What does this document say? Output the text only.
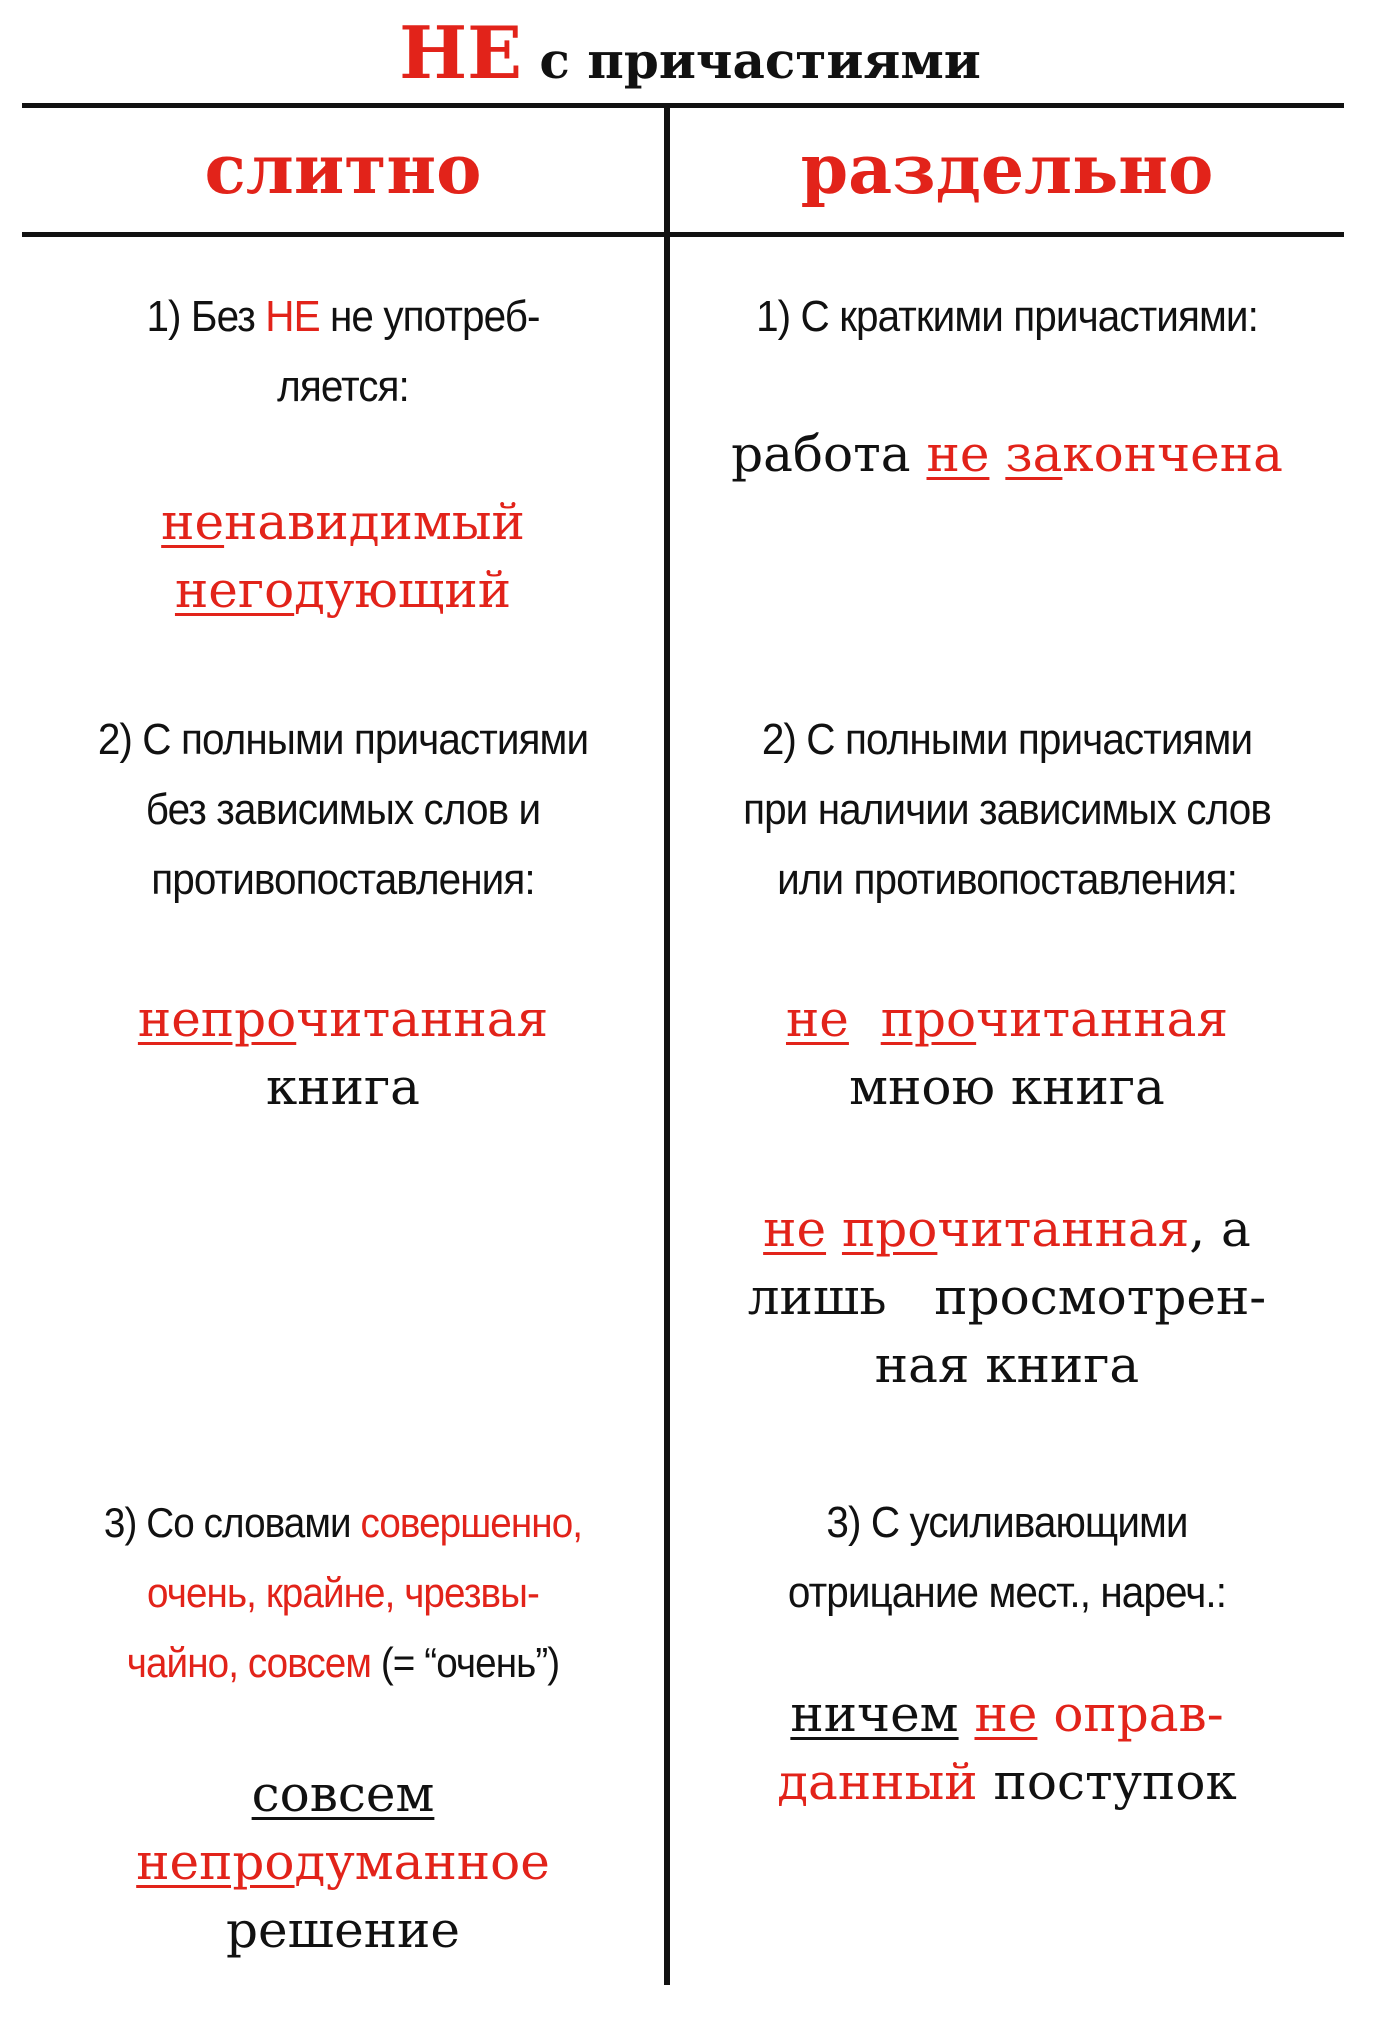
НЕ с причастиями
слитно	раздельно
1) Без НЕ не употреб-
ляется:
ненавидимый
негодующий
2) С полными причастиями
без зависимых слов и
противопоставления:
непрочитанная
книга
3) Со словами совершенно,
очень, крайне, чрезвы-
чайно, совсем (= “очень”)
совсем
непродуманное
решение
1) С краткими причастиями:
работа не закончена
2) С полными причастиями
при наличии зависимых слов
или противопоставления:
не прочитанная
мною книга
не прочитанная, а
лишь   просмотрен-
ная книга
3) С усиливающими
отрицание мест., нареч.:
ничем не оправ-
данный поступок
